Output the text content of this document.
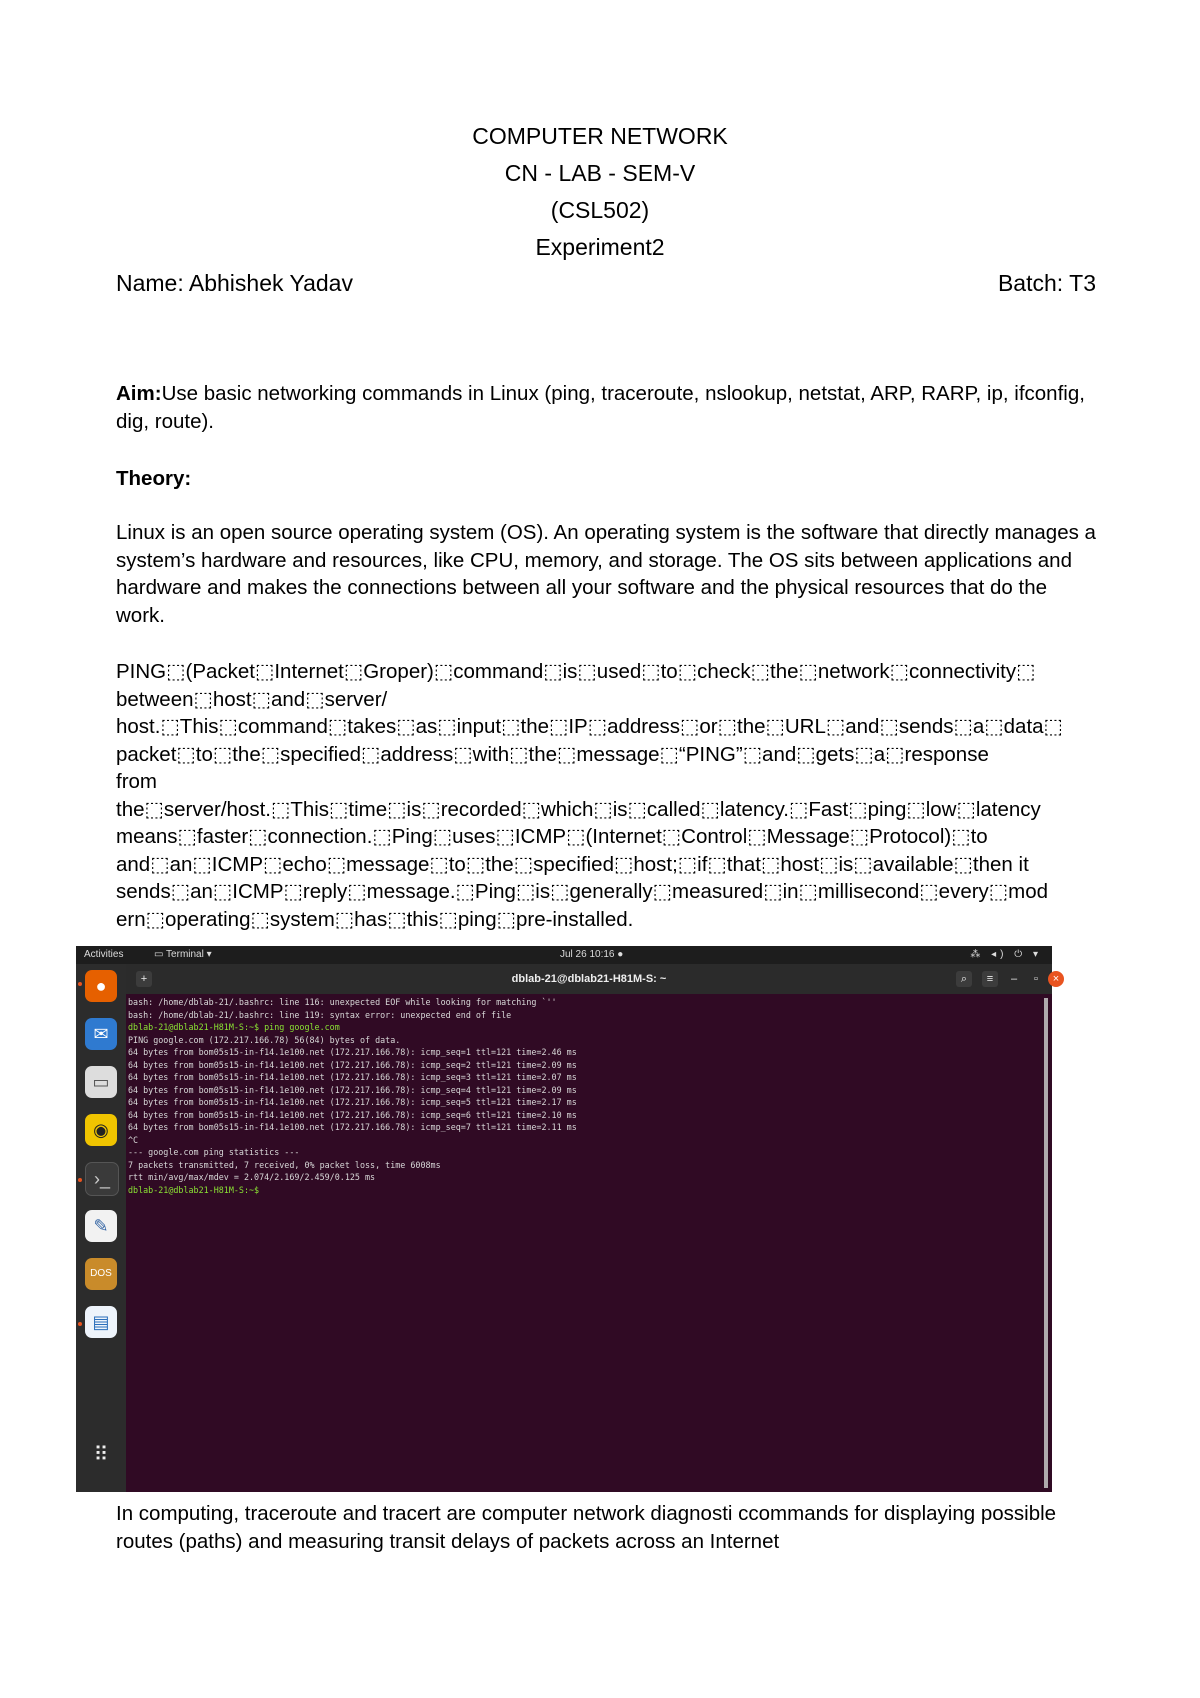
COMPUTER NETWORK
CN - LAB - SEM-V
(CSL502)
Experiment2
Name: Abhishek Yadav	Batch: T3
Aim:Use basic networking commands in Linux (ping, traceroute, nslookup, netstat, ARP, RARP, ip, ifconfig, dig, route).
Theory:
Linux is an open source operating system (OS). An operating system is the software that directly manages a system’s hardware and resources, like CPU, memory, and storage. The OS sits between applications and hardware and makes the connections between all your software and the physical resources that do the work.
PING⬚(Packet⬚Internet⬚Groper)⬚command⬚is⬚used⬚to⬚check⬚the⬚network⬚connectivity⬚ between⬚host⬚and⬚server/ host.⬚This⬚command⬚takes⬚as⬚input⬚the⬚IP⬚address⬚or⬚the⬚URL⬚and⬚sends⬚a⬚data⬚ packet⬚to⬚the⬚specified⬚address⬚with⬚the⬚message⬚“PING”⬚and⬚gets⬚a⬚response from the⬚server/host.⬚This⬚time⬚is⬚recorded⬚which⬚is⬚called⬚latency.⬚Fast⬚ping⬚low⬚latency means⬚faster⬚connection.⬚Ping⬚uses⬚ICMP⬚(Internet⬚Control⬚Message⬚Protocol)⬚to and⬚an⬚ICMP⬚echo⬚message⬚to⬚the⬚specified⬚host;⬚if⬚that⬚host⬚is⬚available⬚then it sends⬚an⬚ICMP⬚reply⬚message.⬚Ping⬚is⬚generally⬚measured⬚in⬚millisecond⬚every⬚mod ern⬚operating⬚system⬚has⬚this⬚ping⬚pre-installed.
Activities	▭ Terminal ▾	Jul 26 10:16 ●	⁂ ◂) ⏻ ▾
●
✉
▭
◉
›_
✎
DOS
▤
⠿
+	dblab-21@dblab21-H81M-S: ~	⌕	≡	–	▫	×
bash: /home/dblab-21/.bashrc: line 116: unexpected EOF while looking for matching `''
bash: /home/dblab-21/.bashrc: line 119: syntax error: unexpected end of file
dblab-21@dblab21-H81M-S:~$ ping google.com
PING google.com (172.217.166.78) 56(84) bytes of data.
64 bytes from bom05s15-in-f14.1e100.net (172.217.166.78): icmp_seq=1 ttl=121 time=2.46 ms
64 bytes from bom05s15-in-f14.1e100.net (172.217.166.78): icmp_seq=2 ttl=121 time=2.09 ms
64 bytes from bom05s15-in-f14.1e100.net (172.217.166.78): icmp_seq=3 ttl=121 time=2.07 ms
64 bytes from bom05s15-in-f14.1e100.net (172.217.166.78): icmp_seq=4 ttl=121 time=2.09 ms
64 bytes from bom05s15-in-f14.1e100.net (172.217.166.78): icmp_seq=5 ttl=121 time=2.17 ms
64 bytes from bom05s15-in-f14.1e100.net (172.217.166.78): icmp_seq=6 ttl=121 time=2.10 ms
64 bytes from bom05s15-in-f14.1e100.net (172.217.166.78): icmp_seq=7 ttl=121 time=2.11 ms
^C
--- google.com ping statistics ---
7 packets transmitted, 7 received, 0% packet loss, time 6008ms
rtt min/avg/max/mdev = 2.074/2.169/2.459/0.125 ms
dblab-21@dblab21-H81M-S:~$
In computing, traceroute and tracert are computer network diagnosti ccommands for displaying possible routes (paths) and measuring transit delays of packets across an Internet
